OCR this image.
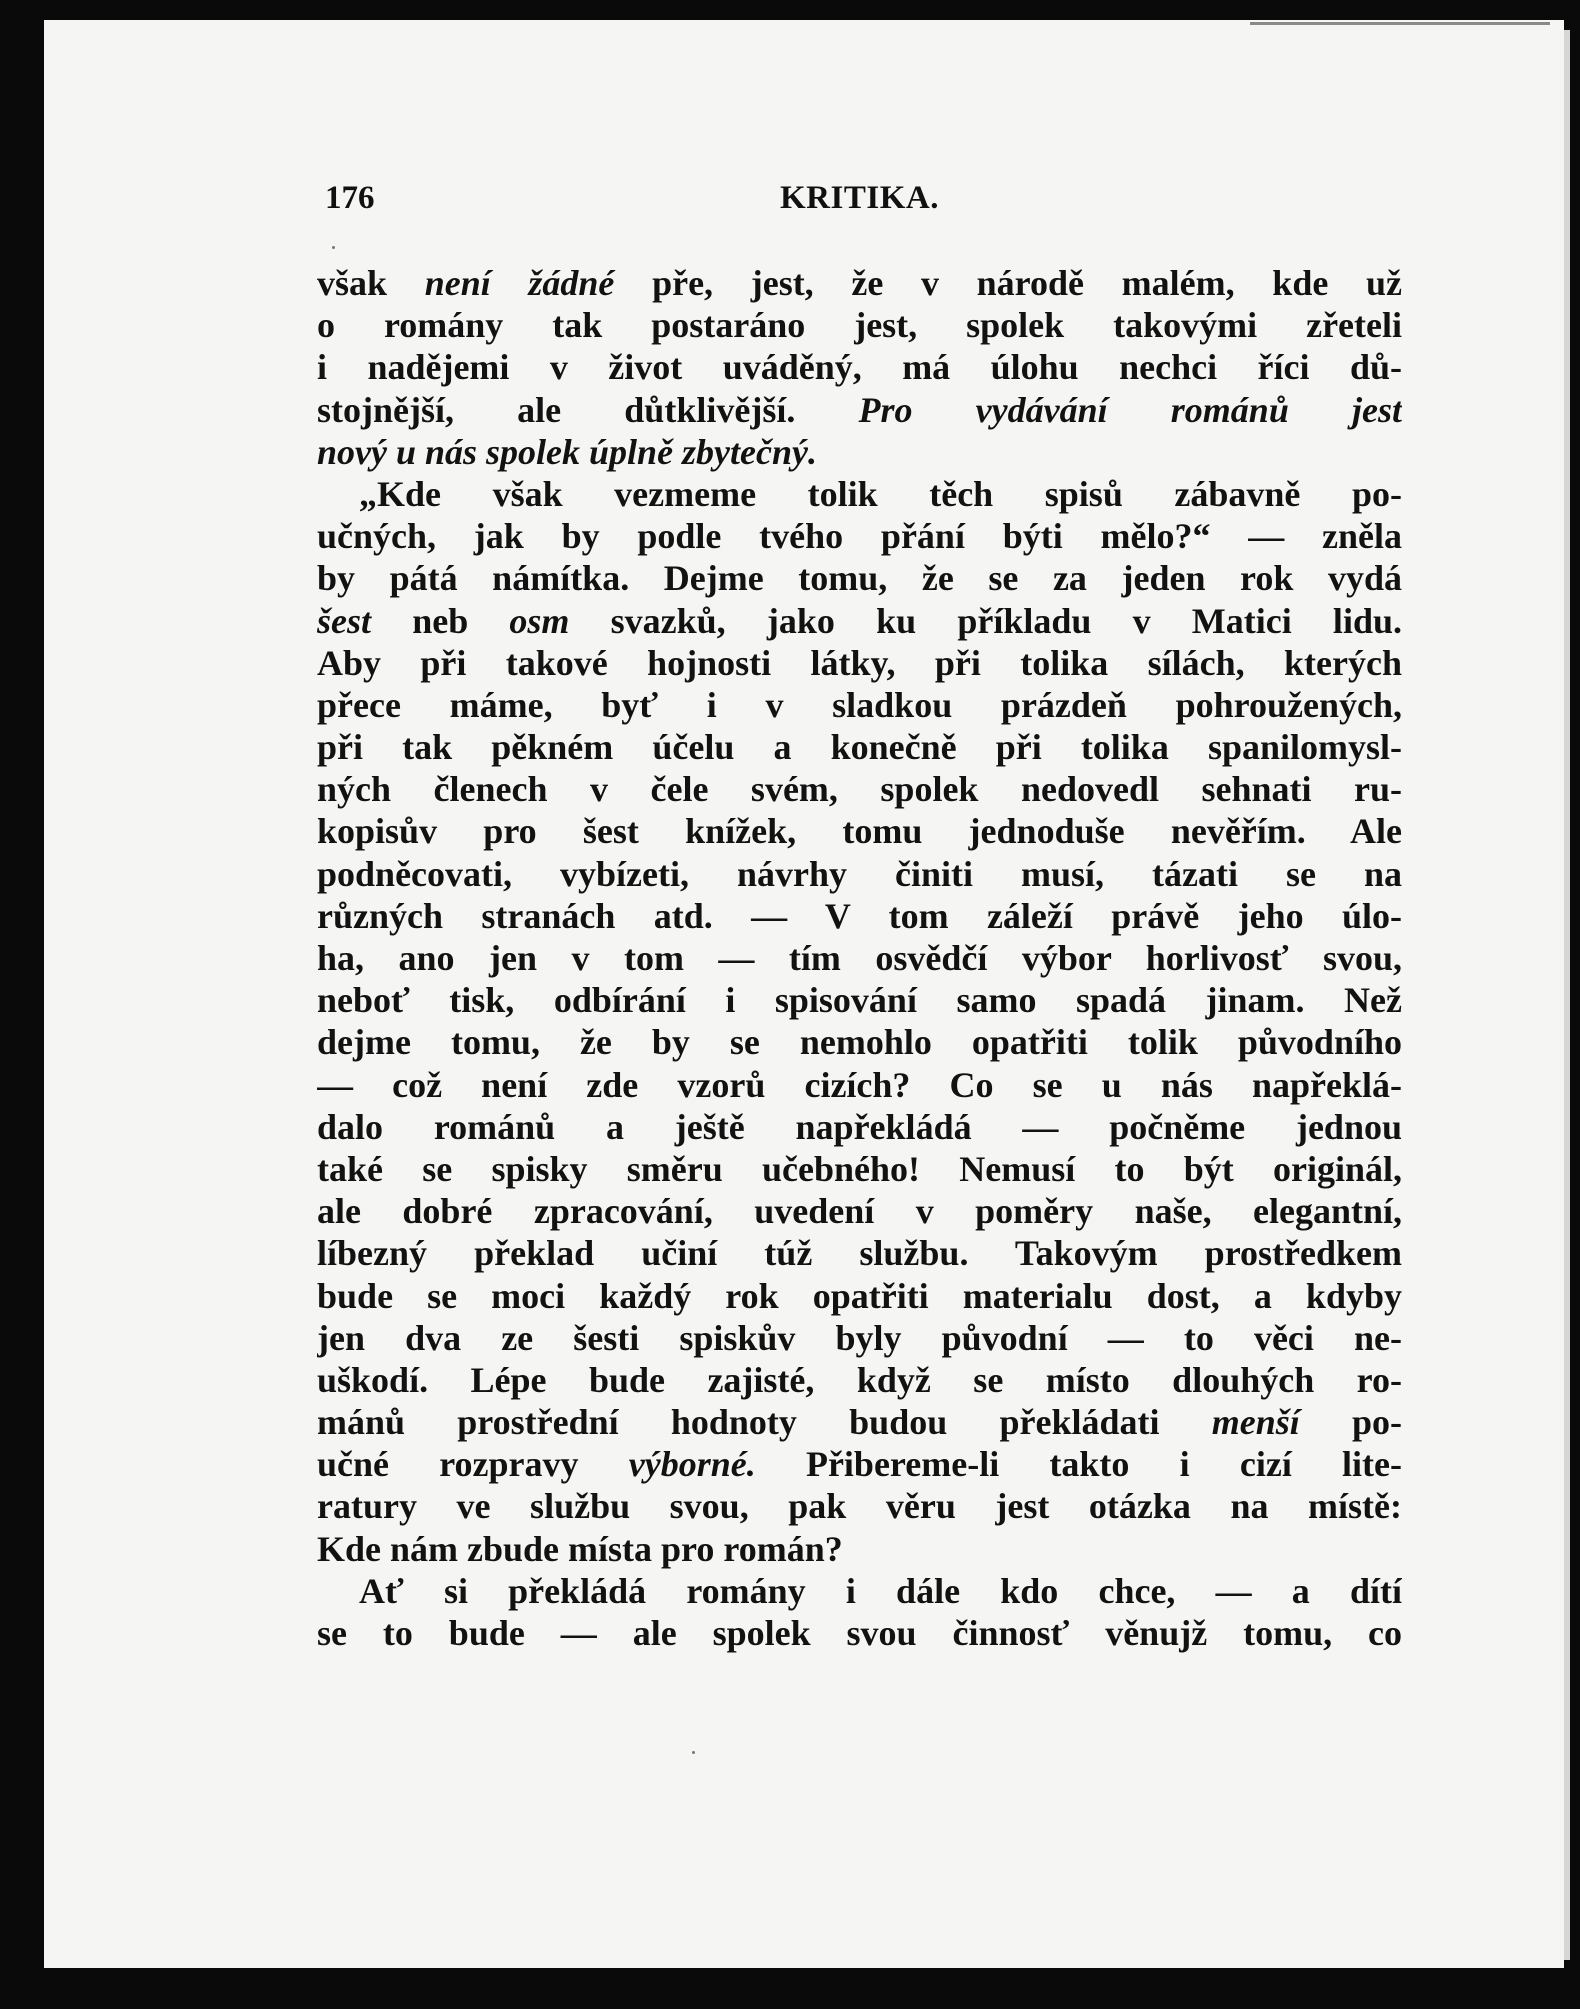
176	KRITIKA.
však není žádné pře, jest, že v národě malém, kde už
o romány tak postaráno jest, spolek takovými zřeteli
i nadějemi v život uváděný, má úlohu nechci říci dů-
stojnější, ale důtklivější. Pro vydávání románů jest
nový u nás spolek úplně zbytečný.
„Kde však vezmeme tolik těch spisů zábavně po-
učných, jak by podle tvého přání býti mělo?“ — zněla
by pátá námítka. Dejme tomu, že se za jeden rok vydá
šest neb osm svazků, jako ku příkladu v Matici lidu.
Aby při takové hojnosti látky, při tolika sílách, kterých
přece máme, byť i v sladkou prázdeň pohroužených,
při tak pěkném účelu a konečně při tolika spanilomysl-
ných členech v čele svém, spolek nedovedl sehnati ru-
kopisův pro šest knížek, tomu jednoduše nevěřím. Ale
podněcovati, vybízeti, návrhy činiti musí, tázati se na
různých stranách atd. — V tom záleží právě jeho úlo-
ha, ano jen v tom — tím osvědčí výbor horlivosť svou,
neboť tisk, odbírání i spisování samo spadá jinam. Než
dejme tomu, že by se nemohlo opatřiti tolik původního
— což není zde vzorů cizích? Co se u nás napřeklá-
dalo románů a ještě napřekládá — počněme jednou
také se spisky směru učebného! Nemusí to být originál,
ale dobré zpracování, uvedení v poměry naše, elegantní,
líbezný překlad učiní túž službu. Takovým prostředkem
bude se moci každý rok opatřiti materialu dost, a kdyby
jen dva ze šesti spiskův byly původní — to věci ne-
uškodí. Lépe bude zajisté, když se místo dlouhých ro-
mánů prostřední hodnoty budou překládati menší po-
učné rozpravy výborné. Přibereme-li takto i cizí lite-
ratury ve službu svou, pak věru jest otázka na místě:
Kde nám zbude místa pro román?
Ať si překládá romány i dále kdo chce, — a dítí
se to bude — ale spolek svou činnosť věnujž tomu, co
